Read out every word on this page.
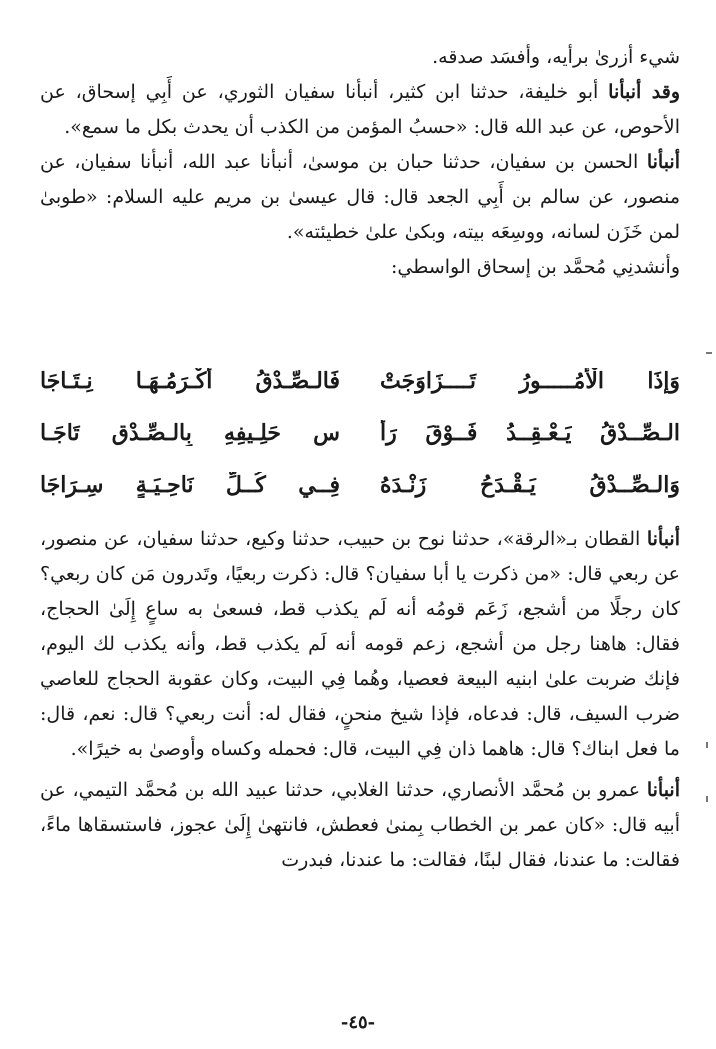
شيء أزرىٰ برأيه، وأفسَد صدقه.
وقد أنبأنا أبو خليفة، حدثنا ابن كثير، أنبأنا سفيان الثوري، عن أَبِي إسحاق، عن الأحوص، عن عبد الله قال: «حسبُ المؤمن من الكذب أن يحدث بكل ما سمع».
أنبأنا الحسن بن سفيان، حدثنا حبان بن موسىٰ، أنبأنا عبد الله، أنبأنا سفيان، عن منصور، عن سالم بن أَبِي الجعد قال: قال عيسىٰ بن مريم عليه السلام: «طوبىٰ لمن خَزَن لسانه، ووسِعَه بيته، وبكىٰ علىٰ خطيئته».
وأنشدنِي مُحمَّد بن إسحاق الواسطي:
وَإِذَا الْأُمُـــــورُ تَــــزَاوَجَتْ
فَالـصِّـدْقُ أَكْـرَمُـهَـا نِـتَـاجَا
الـصِّــدْقُ يَـعْـقِــدُ فَــوْقَ رَأْ
سِ حَلِـيفِهِ بِالـصِّـدْقِ تَاجَـا
وَالـصِّــدْقُ يَـقْـدَحُ زَنْـدَهُ
فِــي كُــلِّ نَاحِـيَـةٍ سِـرَاجَا
أنبأنا القطان بـ«الرقة»، حدثنا نوح بن حبيب، حدثنا وكيع، حدثنا سفيان، عن منصور، عن ربعي قال: «من ذكرت يا أبا سفيان؟ قال: ذكرت ربعيًا، وتَدرون مَن كان ربعي؟ كان رجلًا من أشجع، زَعَم قومُه أنه لَم يكذب قط، فسعىٰ به ساعٍ إِلَىٰ الحجاج، فقال: هاهنا رجل من أشجع، زعم قومه أنه لَم يكذب قط، وأنه يكذب لك اليوم، فإنك ضربت علىٰ ابنيه البيعة فعصيا، وهُما فِي البيت، وكان عقوبة الحجاج للعاصي ضرب السيف، قال: فدعاه، فإذا شيخ منحنٍ، فقال له: أنت ربعي؟ قال: نعم، قال: ما فعل ابناك؟ قال: هاهما ذان فِي البيت، قال: فحمله وكساه وأوصىٰ به خيرًا».
أنبأنا عمرو بن مُحمَّد الأنصاري، حدثنا الغلابي، حدثنا عبيد الله بن مُحمَّد التيمي، عن أبيه قال: «كان عمر بن الخطاب بِمنىٰ فعطش، فانتهىٰ إِلَىٰ عجوز، فاستسقاها ماءً، فقالت: ما عندنا، فقال لبنًا، فقالت: ما عندنا، فبدرت
-٤٥-
